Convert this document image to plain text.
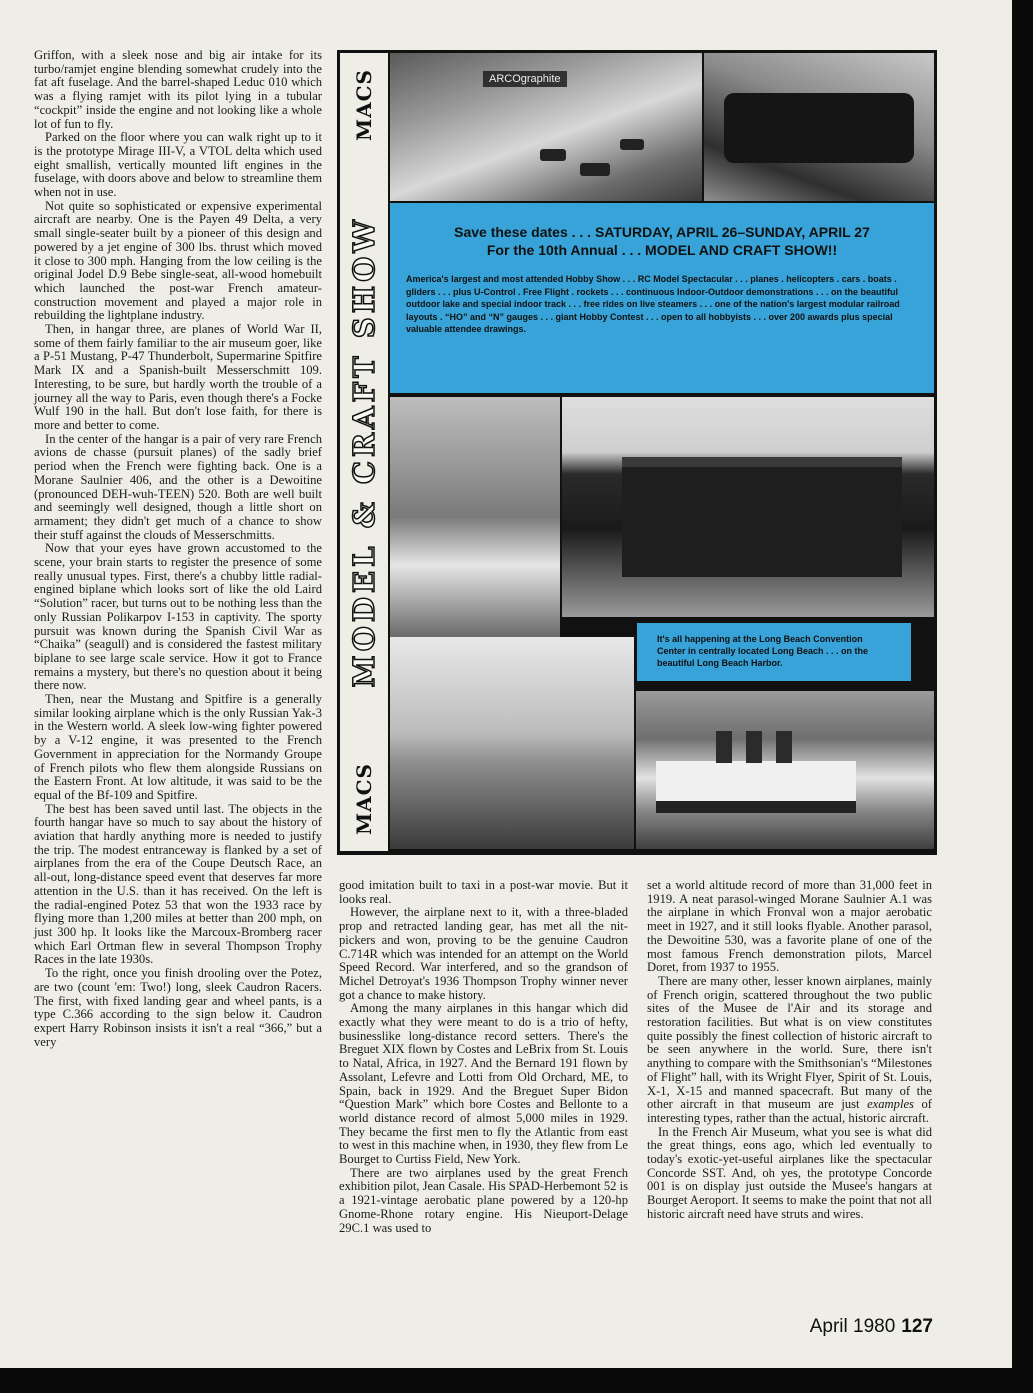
Griffon, with a sleek nose and big air intake for its turbo/ramjet engine blending somewhat crudely into the fat aft fuselage. And the barrel-shaped Leduc 010 which was a flying ramjet with its pilot lying in a tubular “cockpit” inside the engine and not looking like a whole lot of fun to fly.

Parked on the floor where you can walk right up to it is the prototype Mirage III-V, a VTOL delta which used eight smallish, vertically mounted lift engines in the fuselage, with doors above and below to streamline them when not in use.

Not quite so sophisticated or expensive experimental aircraft are nearby. One is the Payen 49 Delta, a very small single-seater built by a pioneer of this design and powered by a jet engine of 300 lbs. thrust which moved it close to 300 mph. Hanging from the low ceiling is the original Jodel D.9 Bebe single-seat, all-wood homebuilt which launched the post-war French amateur-construction movement and played a major role in rebuilding the lightplane industry.

Then, in hangar three, are planes of World War II, some of them fairly familiar to the air museum goer, like a P-51 Mustang, P-47 Thunderbolt, Supermarine Spitfire Mark IX and a Spanish-built Messerschmitt 109. Interesting, to be sure, but hardly worth the trouble of a journey all the way to Paris, even though there's a Focke Wulf 190 in the hall. But don't lose faith, for there is more and better to come.

In the center of the hangar is a pair of very rare French avions de chasse (pursuit planes) of the sadly brief period when the French were fighting back. One is a Morane Saulnier 406, and the other is a Dewoitine (pronounced DEH-wuh-TEEN) 520. Both are well built and seemingly well designed, though a little short on armament; they didn't get much of a chance to show their stuff against the clouds of Messerschmitts.

Now that your eyes have grown accustomed to the scene, your brain starts to register the presence of some really unusual types. First, there's a chubby little radial-engined biplane which looks sort of like the old Laird “Solution” racer, but turns out to be nothing less than the only Russian Polikarpov I-153 in captivity. The sporty pursuit was known during the Spanish Civil War as “Chaika” (seagull) and is considered the fastest military biplane to see large scale service. How it got to France remains a mystery, but there's no question about it being there now.

Then, near the Mustang and Spitfire is a generally similar looking airplane which is the only Russian Yak-3 in the Western world. A sleek low-wing fighter powered by a V-12 engine, it was presented to the French Government in appreciation for the Normandy Groupe of French pilots who flew them alongside Russians on the Eastern Front. At low altitude, it was said to be the equal of the Bf-109 and Spitfire.

The best has been saved until last. The objects in the fourth hangar have so much to say about the history of aviation that hardly anything more is needed to justify the trip. The modest entranceway is flanked by a set of airplanes from the era of the Coupe Deutsch Race, an all-out, long-distance speed event that deserves far more attention in the U.S. than it has received. On the left is the radial-engined Potez 53 that won the 1933 race by flying more than 1,200 miles at better than 200 mph, on just 300 hp. It looks like the Marcoux-Bromberg racer which Earl Ortman flew in several Thompson Trophy Races in the late 1930s.

To the right, once you finish drooling over the Potez, are two (count 'em: Two!) long, sleek Caudron Racers. The first, with fixed landing gear and wheel pants, is a type C.366 according to the sign below it. Caudron expert Harry Robinson insists it isn't a real “366,” but a very

MACS
MODEL & CRAFT SHOW
MACS
ARCOgraphite

Save these dates . . . SATURDAY, APRIL 26–SUNDAY, APRIL 27
For the 10th Annual . . . MODEL AND CRAFT SHOW!!

America's largest and most attended Hobby Show . . . RC Model Spectacular . . . planes . helicopters . cars . boats . gliders . . . plus U-Control . Free Flight . rockets . . . continuous Indoor-Outdoor demonstrations . . . on the beautiful outdoor lake and special indoor track . . . free rides on live steamers . . . one of the nation's largest modular railroad layouts . “HO” and “N” gauges . . . giant Hobby Contest . . . open to all hobbyists . . . over 200 awards plus special valuable attendee drawings.

It's all happening at the Long Beach Convention Center in centrally located Long Beach . . . on the beautiful Long Beach Harbor.

good imitation built to taxi in a post-war movie. But it looks real.

However, the airplane next to it, with a three-bladed prop and retracted landing gear, has met all the nit-pickers and won, proving to be the genuine Caudron C.714R which was intended for an attempt on the World Speed Record. War interfered, and so the grandson of Michel Detroyat's 1936 Thompson Trophy winner never got a chance to make history.

Among the many airplanes in this hangar which did exactly what they were meant to do is a trio of hefty, businesslike long-distance record setters. There's the Breguet XIX flown by Costes and LeBrix from St. Louis to Natal, Africa, in 1927. And the Bernard 191 flown by Assolant, Lefevre and Lotti from Old Orchard, ME, to Spain, back in 1929. And the Breguet Super Bidon “Question Mark” which bore Costes and Bellonte to a world distance record of almost 5,000 miles in 1929. They became the first men to fly the Atlantic from east to west in this machine when, in 1930, they flew from Le Bourget to Curtiss Field, New York.

There are two airplanes used by the great French exhibition pilot, Jean Casale. His SPAD-Herbemont 52 is a 1921-vintage aerobatic plane powered by a 120-hp Gnome-Rhone rotary engine. His Nieuport-Delage 29C.1 was used to

set a world altitude record of more than 31,000 feet in 1919. A neat parasol-winged Morane Saulnier A.1 was the airplane in which Fronval won a major aerobatic meet in 1927, and it still looks flyable. Another parasol, the Dewoitine 530, was a favorite plane of one of the most famous French demonstration pilots, Marcel Doret, from 1937 to 1955.

There are many other, lesser known airplanes, mainly of French origin, scattered throughout the two public sites of the Musee de l'Air and its storage and restoration facilities. But what is on view constitutes quite possibly the finest collection of historic aircraft to be seen anywhere in the world. Sure, there isn't anything to compare with the Smithsonian's “Milestones of Flight” hall, with its Wright Flyer, Spirit of St. Louis, X-1, X-15 and manned spacecraft. But many of the other aircraft in that museum are just examples of interesting types, rather than the actual, historic aircraft.

In the French Air Museum, what you see is what did the great things, eons ago, which led eventually to today's exotic-yet-useful airplanes like the spectacular Concorde SST. And, oh yes, the prototype Concorde 001 is on display just outside the Musee's hangars at Bourget Aeroport. It seems to make the point that not all historic aircraft need have struts and wires.

April 1980 127
